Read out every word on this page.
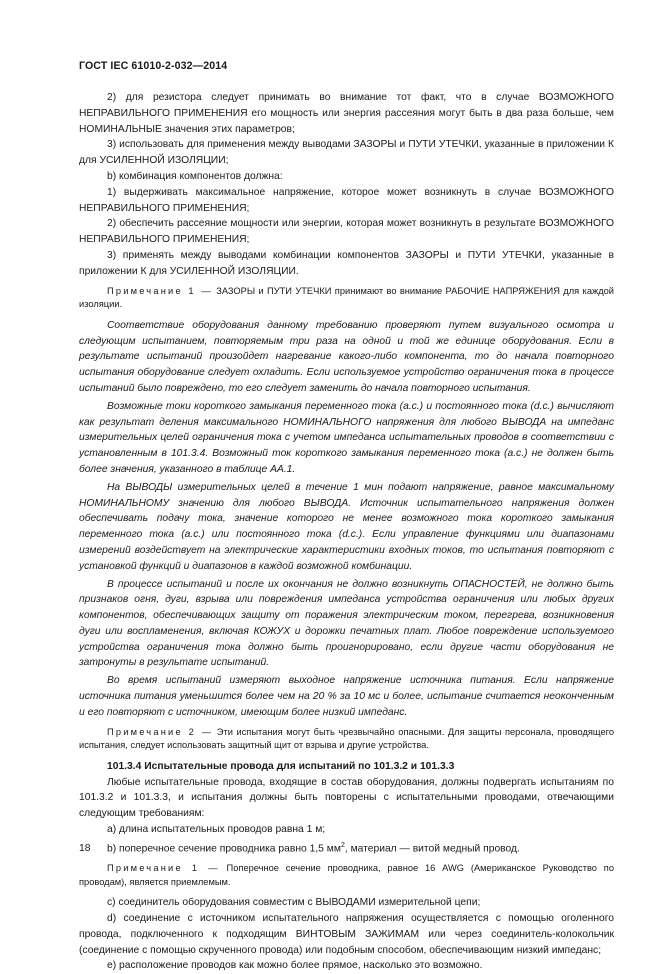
ГОСТ IEC 61010-2-032—2014

2) для резистора следует принимать во внимание тот факт, что в случае ВОЗМОЖНОГО НЕПРАВИЛЬНОГО ПРИМЕНЕНИЯ его мощность или энергия рассеяния могут быть в два раза больше, чем НОМИНАЛЬНЫЕ значения этих параметров;

3) использовать для применения между выводами ЗАЗОРЫ и ПУТИ УТЕЧКИ, указанные в приложении К для УСИЛЕННОЙ ИЗОЛЯЦИИ;

b) комбинация компонентов должна:

1) выдерживать максимальное напряжение, которое может возникнуть в случае ВОЗМОЖНОГО НЕПРАВИЛЬНОГО ПРИМЕНЕНИЯ;

2) обеспечить рассеяние мощности или энергии, которая может возникнуть в результате ВОЗМОЖНОГО НЕПРАВИЛЬНОГО ПРИМЕНЕНИЯ;

3) применять между выводами комбинации компонентов ЗАЗОРЫ и ПУТИ УТЕЧКИ, указанные в приложении К для УСИЛЕННОЙ ИЗОЛЯЦИИ.

Примечание 1 — ЗАЗОРЫ и ПУТИ УТЕЧКИ принимают во внимание РАБОЧИЕ НАПРЯЖЕНИЯ для каждой изоляции.

Соответствие оборудования данному требованию проверяют путем визуального осмотра и следующим испытанием, повторяемым три раза на одной и той же единице оборудования. Если в результате испытаний произойдет нагревание какого-либо компонента, то до начала повторного испытания оборудование следует охладить. Если используемое устройство ограничения тока в процессе испытаний было повреждено, то его следует заменить до начала повторного испытания.

Возможные токи короткого замыкания переменного тока (a.c.) и постоянного тока (d.c.) вычисляют как результат деления максимального НОМИНАЛЬНОГО напряжения для любого ВЫВОДА на импеданс измерительных целей ограничения тока с учетом импеданса испытательных проводов в соответствии с установленным в 101.3.4. Возможный ток короткого замыкания переменного тока (a.c.) не должен быть более значения, указанного в таблице АА.1.

На ВЫВОДЫ измерительных целей в течение 1 мин подают напряжение, равное максимальному НОМИНАЛЬНОМУ значению для любого ВЫВОДА. Источник испытательного напряжения должен обеспечивать подачу тока, значение которого не менее возможного тока короткого замыкания переменного тока (a.c.) или постоянного тока (d.c.). Если управление функциями или диапазонами измерений воздействует на электрические характеристики входных токов, то испытания повторяют с установкой функций и диапазонов в каждой возможной комбинации.

В процессе испытаний и после их окончания не должно возникнуть ОПАСНОСТЕЙ, не должно быть признаков огня, дуги, взрыва или повреждения импеданса устройства ограничения или любых других компонентов, обеспечивающих защиту от поражения электрическим током, перегрева, возникновения дуги или воспламенения, включая КОЖУХ и дорожки печатных плат. Любое повреждение используемого устройства ограничения тока должно быть проигнорировано, если другие части оборудования не затронуты в результате испытаний.

Во время испытаний измеряют выходное напряжение источника питания. Если напряжение источника питания уменьшится более чем на 20 % за 10 мс и более, испытание считается неоконченным и его повторяют с источником, имеющим более низкий импеданс.

Примечание 2 — Эти испытания могут быть чрезвычайно опасными. Для защиты персонала, проводящего испытания, следует использовать защитный щит от взрыва и другие устройства.

101.3.4 Испытательные провода для испытаний по 101.3.2 и 101.3.3

Любые испытательные провода, входящие в состав оборудования, должны подвергать испытаниям по 101.3.2 и 101.3.3, и испытания должны быть повторены с испытательными проводами, отвечающими следующим требованиям:

а) длина испытательных проводов равна 1 м;

b) поперечное сечение проводника равно 1,5 $мм^2$, материал — витой медный провод.

Примечание 1 — Поперечное сечение проводника, равное 16 AWG (Американское Руководство по проводам), является приемлемым.

с) соединитель оборудования совместим с ВЫВОДАМИ измерительной цепи;

d) соединение с источником испытательного напряжения осуществляется с помощью оголенного провода, подключенного к подходящим ВИНТОВЫМ ЗАЖИМАМ или через соединитель-колокольчик (соединение с помощью скрученного провода) или подобным способом, обеспечивающим низкий импеданс;

е) расположение проводов как можно более прямое, насколько это возможно.

18
